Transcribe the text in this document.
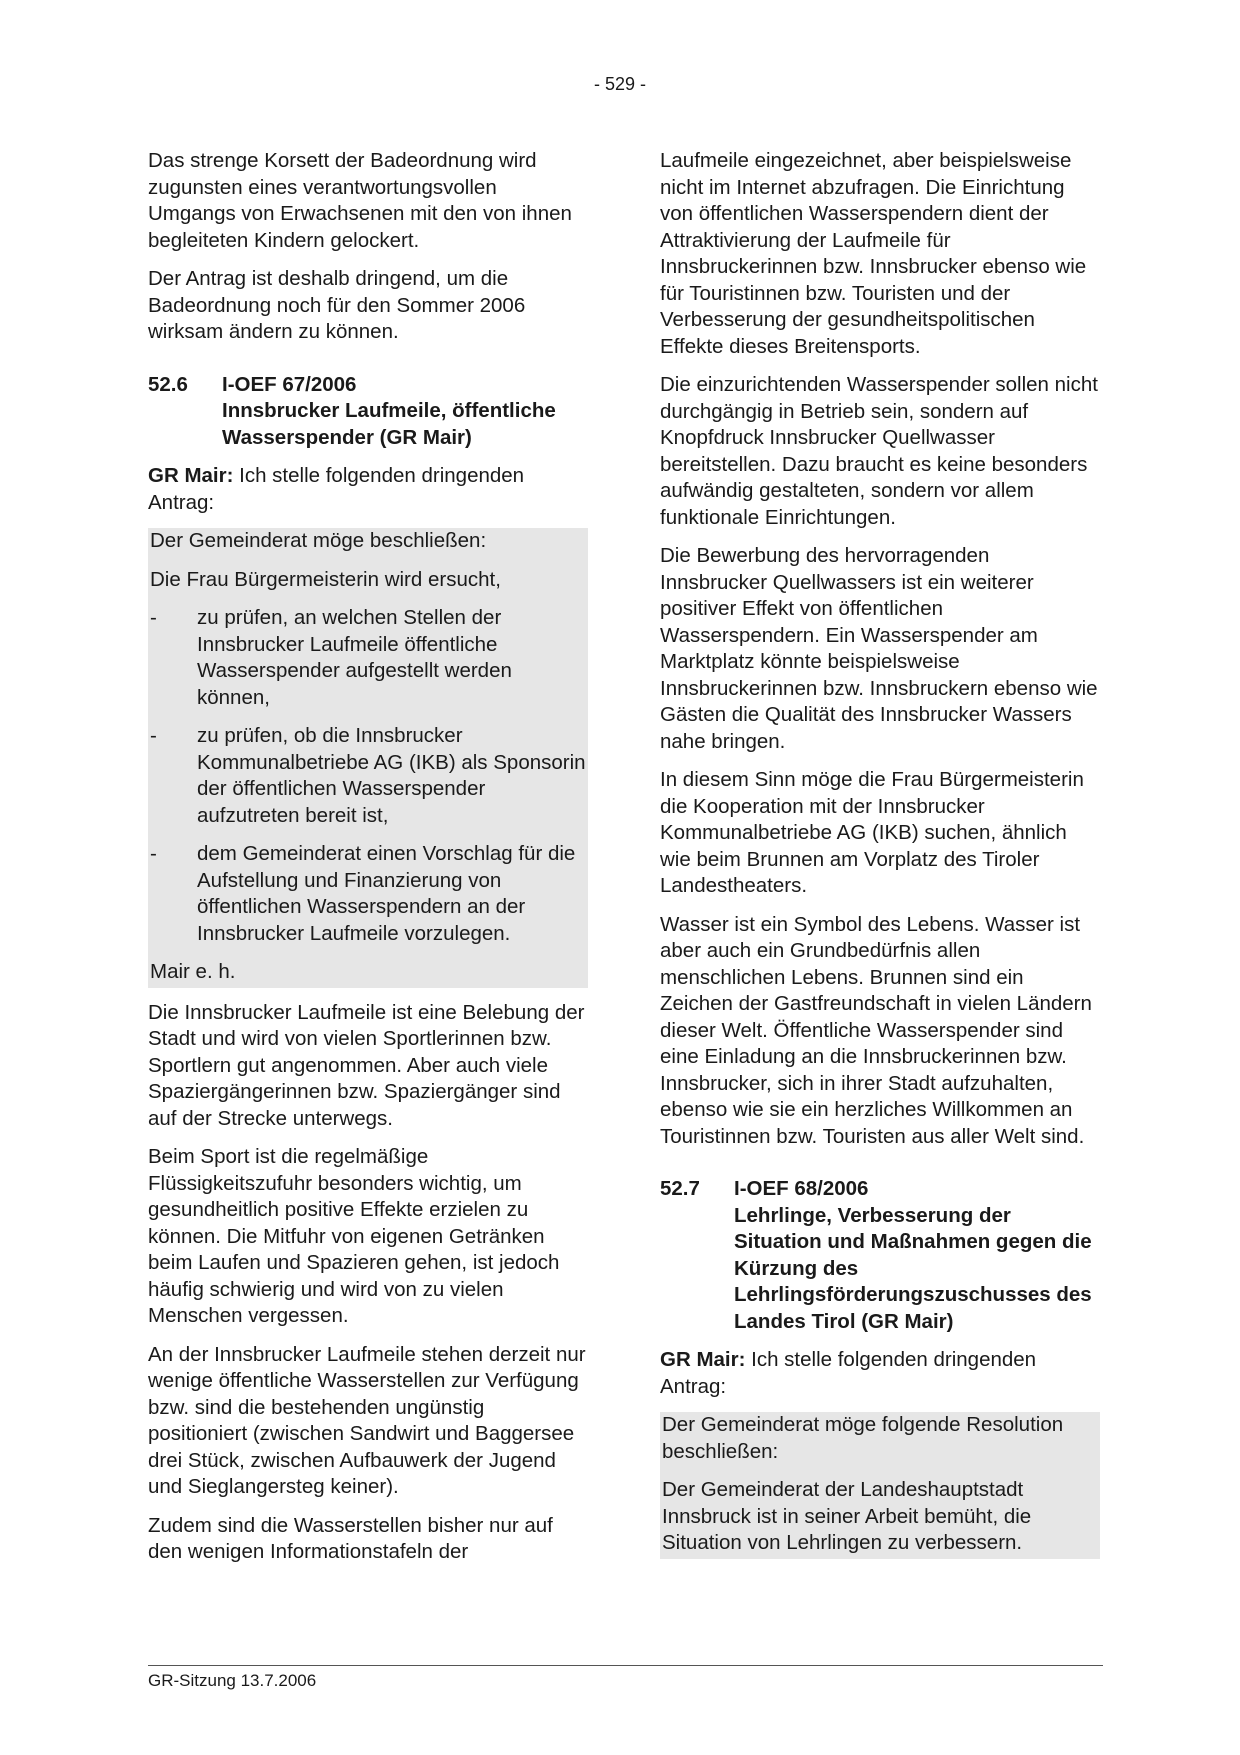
- 529 -

Das strenge Korsett der Badeordnung wird zugunsten eines verantwortungsvollen Umgangs von Erwachsenen mit den von ihnen begleiteten Kindern gelockert.

Der Antrag ist deshalb dringend, um die Badeordnung noch für den Sommer 2006 wirksam ändern zu können.

52.6	I-OEF 67/2006
Innsbrucker Laufmeile, öffentliche Wasserspender (GR Mair)

GR Mair: Ich stelle folgenden dringenden Antrag:

Der Gemeinderat möge beschließen:

Die Frau Bürgermeisterin wird ersucht,

-	zu prüfen, an welchen Stellen der Innsbrucker Laufmeile öffentliche Wasserspender aufgestellt werden können,
-	zu prüfen, ob die Innsbrucker Kommunalbetriebe AG (IKB) als Sponsorin der öffentlichen Wasserspender aufzutreten bereit ist,
-	dem Gemeinderat einen Vorschlag für die Aufstellung und Finanzierung von öffentlichen Wasserspendern an der Innsbrucker Laufmeile vorzulegen.

Mair e. h.

Die Innsbrucker Laufmeile ist eine Belebung der Stadt und wird von vielen Sportlerinnen bzw. Sportlern gut angenommen. Aber auch viele Spaziergängerinnen bzw. Spaziergänger sind auf der Strecke unterwegs.

Beim Sport ist die regelmäßige Flüssigkeitszufuhr besonders wichtig, um gesundheitlich positive Effekte erzielen zu können. Die Mitfuhr von eigenen Getränken beim Laufen und Spazieren gehen, ist jedoch häufig schwierig und wird von zu vielen Menschen vergessen.

An der Innsbrucker Laufmeile stehen derzeit nur wenige öffentliche Wasserstellen zur Verfügung bzw. sind die bestehenden ungünstig positioniert (zwischen Sandwirt und Baggersee drei Stück, zwischen Aufbauwerk der Jugend und Sieglangersteg keiner).

Zudem sind die Wasserstellen bisher nur auf den wenigen Informationstafeln der

Laufmeile eingezeichnet, aber beispielsweise nicht im Internet abzufragen. Die Einrichtung von öffentlichen Wasserspendern dient der Attraktivierung der Laufmeile für Innsbruckerinnen bzw. Innsbrucker ebenso wie für Touristinnen bzw. Touristen und der Verbesserung der gesundheitspolitischen Effekte dieses Breitensports.

Die einzurichtenden Wasserspender sollen nicht durchgängig in Betrieb sein, sondern auf Knopfdruck Innsbrucker Quellwasser bereitstellen. Dazu braucht es keine besonders aufwändig gestalteten, sondern vor allem funktionale Einrichtungen.

Die Bewerbung des hervorragenden Innsbrucker Quellwassers ist ein weiterer positiver Effekt von öffentlichen Wasserspendern. Ein Wasserspender am Marktplatz könnte beispielsweise Innsbruckerinnen bzw. Innsbruckern ebenso wie Gästen die Qualität des Innsbrucker Wassers nahe bringen.

In diesem Sinn möge die Frau Bürgermeisterin die Kooperation mit der Innsbrucker Kommunalbetriebe AG (IKB) suchen, ähnlich wie beim Brunnen am Vorplatz des Tiroler Landestheaters.

Wasser ist ein Symbol des Lebens. Wasser ist aber auch ein Grundbedürfnis allen menschlichen Lebens. Brunnen sind ein Zeichen der Gastfreundschaft in vielen Ländern dieser Welt. Öffentliche Wasserspender sind eine Einladung an die Innsbruckerinnen bzw. Innsbrucker, sich in ihrer Stadt aufzuhalten, ebenso wie sie ein herzliches Willkommen an Touristinnen bzw. Touristen aus aller Welt sind.

52.7	I-OEF 68/2006
Lehrlinge, Verbesserung der Situation und Maßnahmen gegen die Kürzung des Lehrlingsförderungszuschusses des Landes Tirol (GR Mair)

GR Mair: Ich stelle folgenden dringenden Antrag:

Der Gemeinderat möge folgende Resolution beschließen:

Der Gemeinderat der Landeshauptstadt Innsbruck ist in seiner Arbeit bemüht, die Situation von Lehrlingen zu verbessern.

GR-Sitzung 13.7.2006
